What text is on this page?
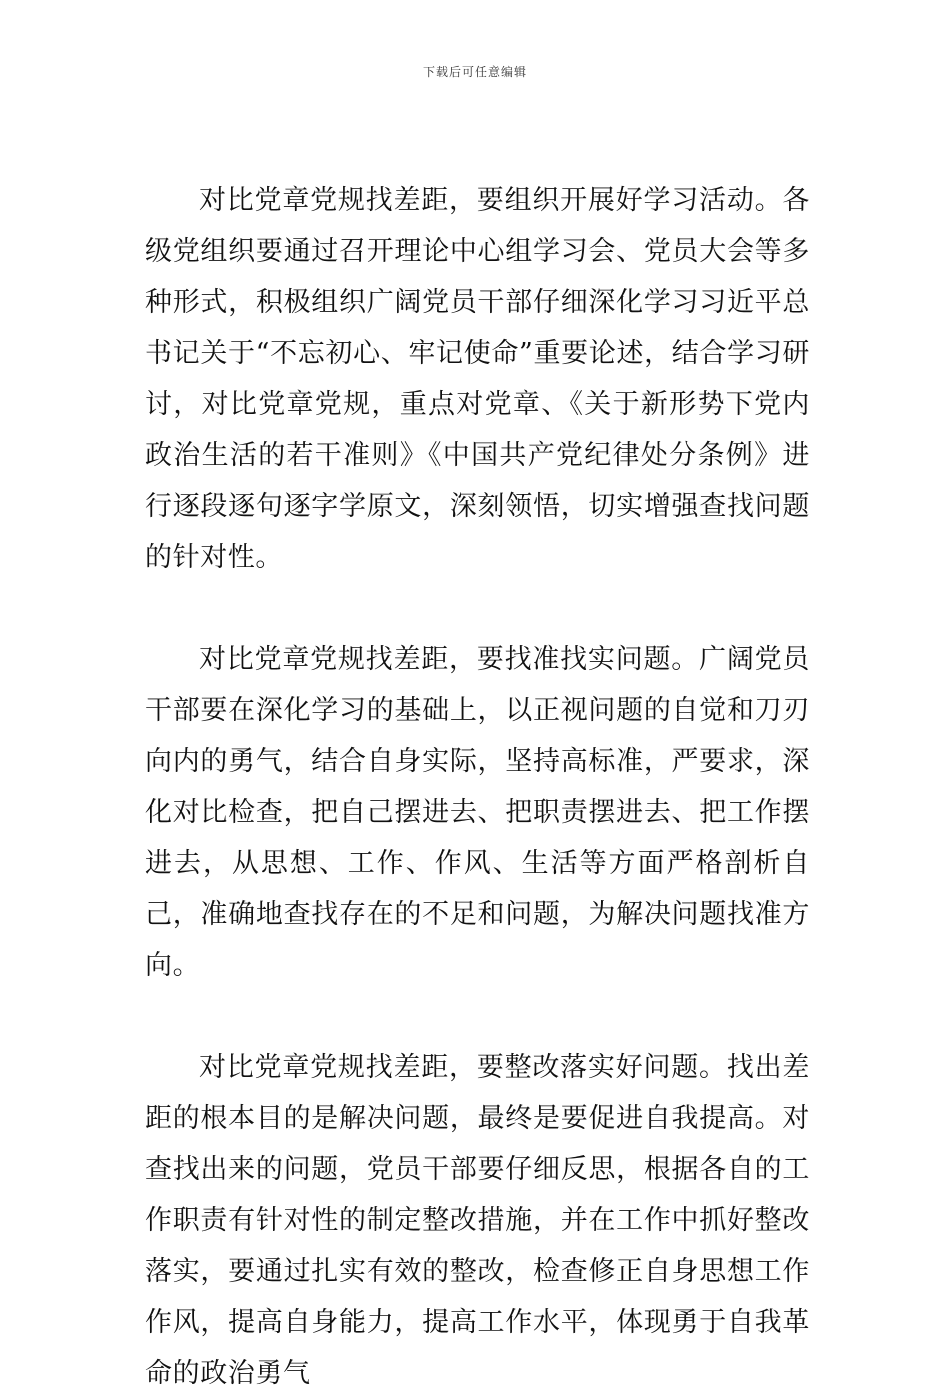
下载后可任意编辑

对比党章党规找差距，要组织开展好学习活动。各级党组织要通过召开理论中心组学习会、党员大会等多种形式，积极组织广阔党员干部仔细深化学习习近平总书记关于“不忘初心、牢记使命”重要论述，结合学习研讨，对比党章党规，重点对党章、《关于新形势下党内政治生活的若干准则》《中国共产党纪律处分条例》进行逐段逐句逐字学原文，深刻领悟，切实增强查找问题的针对性。

对比党章党规找差距，要找准找实问题。广阔党员干部要在深化学习的基础上，以正视问题的自觉和刀刃向内的勇气，结合自身实际，坚持高标准，严要求，深化对比检查，把自己摆进去、把职责摆进去、把工作摆进去，从思想、工作、作风、生活等方面严格剖析自己，准确地查找存在的不足和问题，为解决问题找准方向。

对比党章党规找差距，要整改落实好问题。找出差距的根本目的是解决问题，最终是要促进自我提高。对查找出来的问题，党员干部要仔细反思，根据各自的工作职责有针对性的制定整改措施，并在工作中抓好整改落实，要通过扎实有效的整改，检查修正自身思想工作作风，提高自身能力，提高工作水平，体现勇于自我革命的政治勇气
